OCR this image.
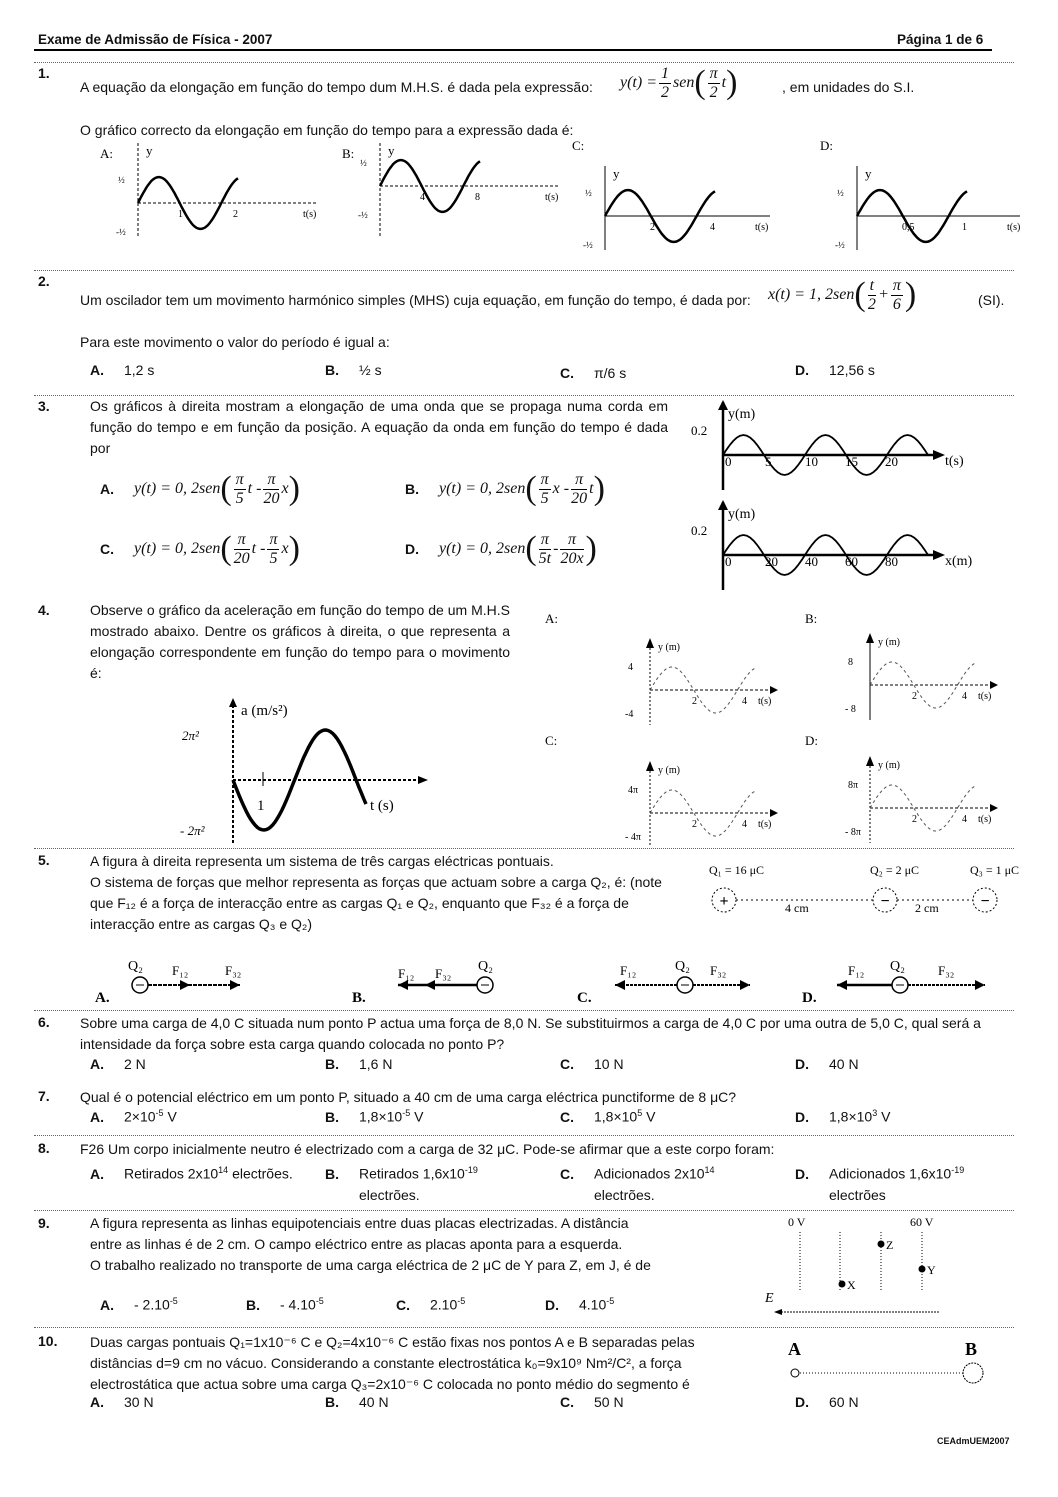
Exame de Admissão de Física - 2007	Página 1 de 6
1.
A equação da elongação em função do tempo dum M.H.S. é dada pela expressão: $y(t) = \frac{1}{2}$ sen ( $\frac{\pi}{2}$ t )	, em unidades do S.I.
O gráfico correcto da elongação em função do tempo para a expressão dada é:
A:	y
t(s)
½
-½
1	2
B:	y
t(s)
½
-½
4	8
C:
y
t(s)
½
-½
2	4
D:
y
t(s)
½
-½
0,5	1
2.
Um oscilador tem um movimento harmónico simples (MHS) cuja equação, em função do tempo, é dada por: x(t) = 1, 2 sen ( $\frac{t}{2} + \frac{\pi}{6}$ )	(SI).
Para este movimento o valor do período é igual a:
A. 1,2 s	B. ½ s	C. π/6 s	D. 12,56 s
3.	Os gráficos à direita mostram a elongação de uma onda que se propaga numa corda em função do tempo e em função da posição. A equação da onda em função do tempo é dada por
A.	y(t) = 0, 2sen ( $\frac{\pi}{5}$ t - $\frac{\pi}{20}$ x )	B.	y(t) = 0, 2sen ( $\frac{\pi}{5}$ x - $\frac{\pi}{20}$ t )
C.	y(t) = 0, 2sen ( $\frac{\pi}{20}$ t - $\frac{\pi}{5}$ x )	D.	y(t) = 0, 2sen ( $\frac{\pi}{5t} - \frac{\pi}{20x}$ )
y(m)
t(s)
0.2
0	5	10 15 20
y(m)
x(m)
0.2
0	20 40 60 80
4.	Observe o gráfico da aceleração em função do tempo de um M.H.S mostrado abaixo. Dentre os gráficos à direita, o que representa a elongação correspondente em função do tempo para o movimento é:
a (m/s²)
2π²
- 2π²
1	t (s)
A:
y (m)
4
-4
2	4 t(s)
B:
y (m)
8
- 8
2	4 t(s)
C:
y (m)
4π
- 4π
2	4 t(s)
D:
y (m)
8π
- 8π
2	4 t(s)
5.	A figura à direita representa um sistema de três cargas eléctricas pontuais.
O sistema de forças que melhor representa as forças que actuam sobre a carga Q₂, é: (note
que F₁₂ é a força de interacção entre as cargas Q₁ e Q₂, enquanto que F₃₂ é a força de
interacção entre as cargas Q₃ e Q₂)
Q₁ = 16 μC
+
Q₂ = 2 μC
−
Q₃ = 1 μC
−
4 cm	2 cm
A.
Q₂ F₁₂	F₃₂
B.
Q₂
F₃₂
F₁₂
C.
Q₂ F₃₂
F₁₂
D.
Q₂
F₁₂	F₃₂
6. Sobre uma carga de 4,0 C situada num ponto P actua uma força de 8,0 N. Se substituirmos a carga de 4,0 C por uma outra de 5,0 C, qual será a intensidade da força sobre esta carga quando colocada no ponto P?
A. 2 N	B. 1,6 N	C. 10 N	D. 40 N
7. Qual é o potencial eléctrico em um ponto P, situado a 40 cm de uma carga eléctrica punctiforme de 8 μC?
A. $2\times 10^{-5}$ V	B. $1,8\times 10^{-5}$ V	C. $1,8\times 10^5$ V	D. $1,8\times 10^3$ V
8. F26 Um corpo inicialmente neutro é electrizado com a carga de 32 μC. Pode-se afirmar que a este corpo foram:
A. Retirados $2x10^{14}$ electrões. B. Retirados $1,6x10^{-19}$
electrões.
C. Adicionados $2x10^{14}$
electrões.
D. Adicionados $1,6x10^{-19}$
electrões
9.	A figura representa as linhas equipotenciais entre duas placas electrizadas. A distância
entre as linhas é de 2 cm. O campo eléctrico entre as placas aponta para a esquerda.
O trabalho realizado no transporte de uma carga eléctrica de 2 μC de Y para Z, em J, é de
A. - $2.10^{-5}$	B. - $4.10^{-5}$	C. $2.10^{-5}$	D. $4.10^{-5}$
0 V	60 V
X
Z
Y
E
10. Duas cargas pontuais Q₁=1x10⁻⁶ C e Q₂=4x10⁻⁶ C estão fixas nos pontos A e B separadas pelas
distâncias d=9 cm no vácuo. Considerando a constante electrostática k₀=9x10⁹ Nm²/C², a força
electrostática que actua sobre uma carga Q₃=2x10⁻⁶ C colocada no ponto médio do segmento é
A. 30 N	B. 40 N	C. 50 N	D. 60 N
A	B
CEAdmUEM2007
